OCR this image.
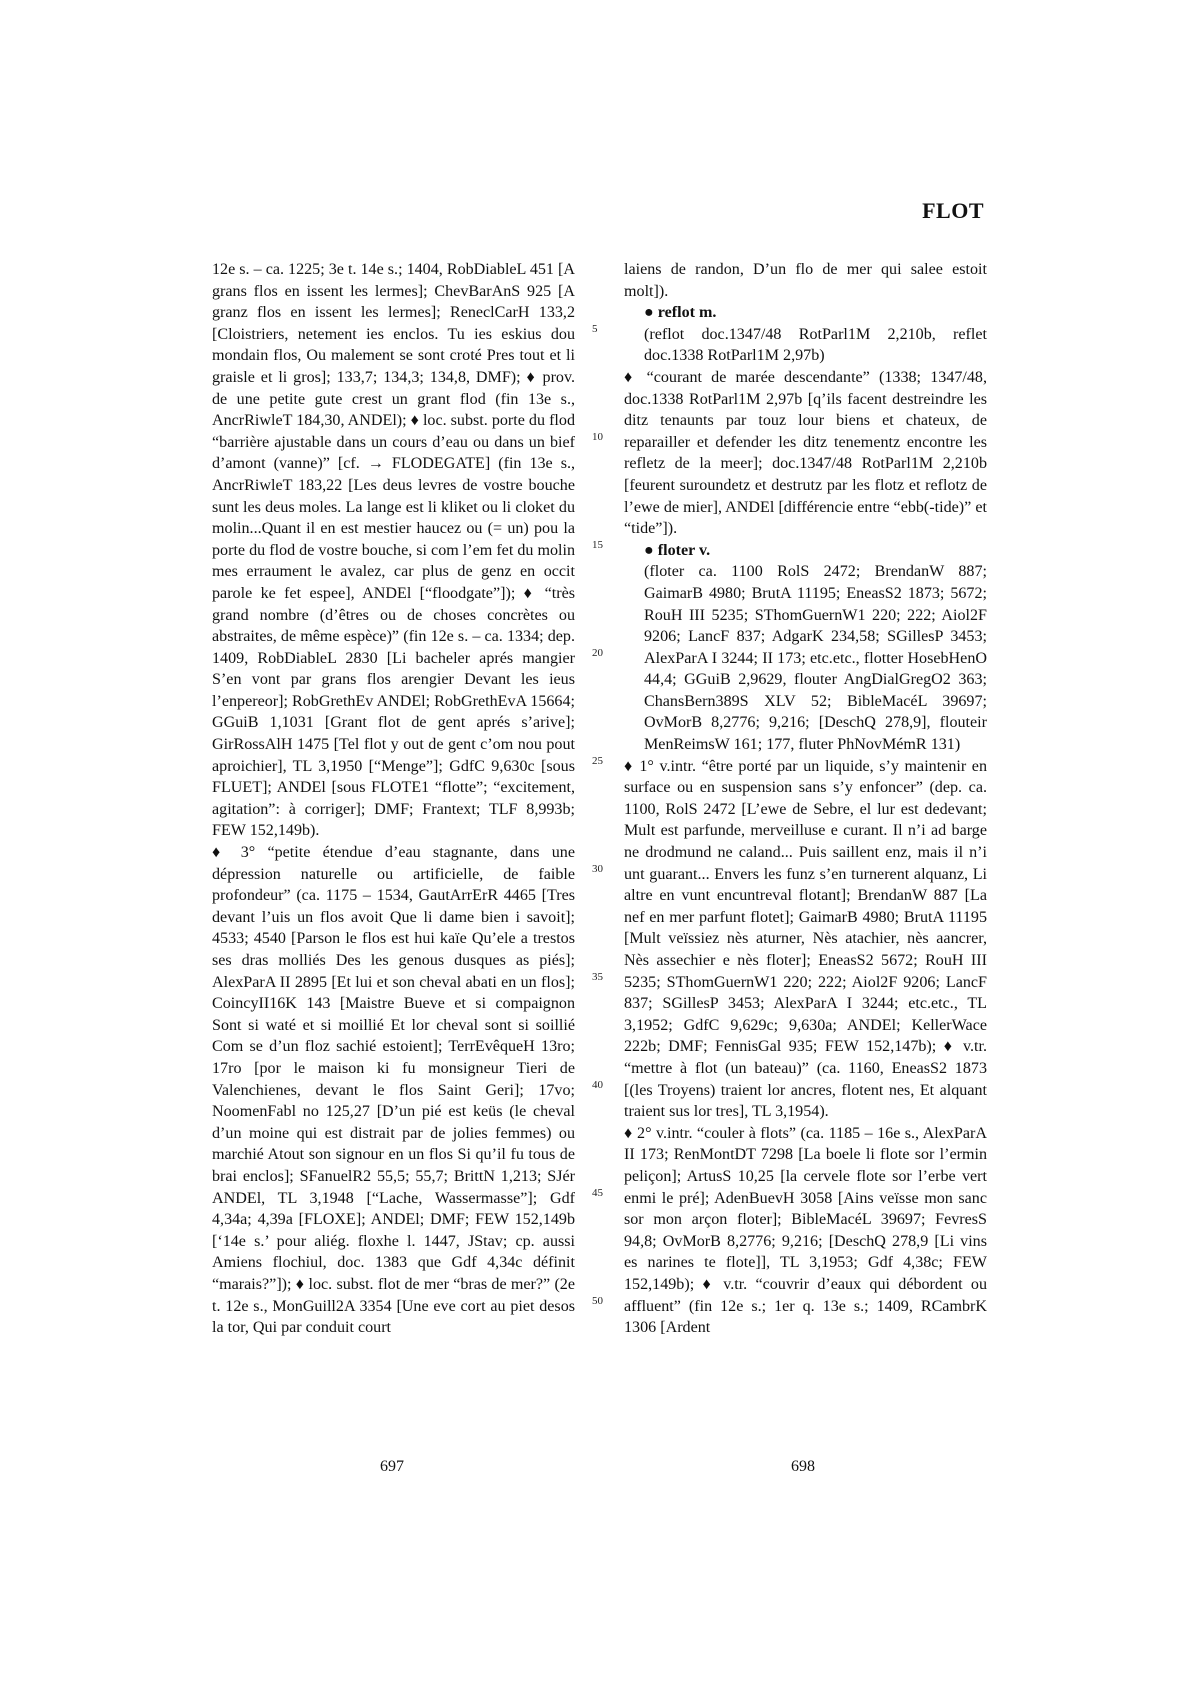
FLOT

12e s. – ca. 1225; 3e t. 14e s.; 1404, RobDiableL 451 [A grans flos en issent les lermes]; ChevBarAnS 925 [A granz flos en issent les lermes]; ReneclCarH 133,2 [Cloistriers, netement ies enclos. Tu ies eskius dou mondain flos, Ou malement se sont croté Pres tout et li graisle et li gros]; 133,7; 134,3; 134,8, DMF); ♦ prov. de une petite gute crest un grant flod (fin 13e s., AncrRiwleT 184,30, ANDEl); ♦ loc. subst. porte du flod “barrière ajustable dans un cours d’eau ou dans un bief d’amont (vanne)” [cf. → FLODEGATE] (fin 13e s., AncrRiwleT 183,22 [Les deus levres de vostre bouche sunt les deus moles. La lange est li kliket ou li cloket du molin...Quant il en est mestier haucez ou (= un) pou la porte du flod de vostre bouche, si com l’em fet du molin mes erraument le avalez, car plus de genz en occit parole ke fet espee], ANDEl [“floodgate”]); ♦ “très grand nombre (d’êtres ou de choses concrètes ou abstraites, de même espèce)” (fin 12e s. – ca. 1334; dep. 1409, RobDiableL 2830 [Li bacheler aprés mangier S’en vont par grans flos arengier Devant les ieus l’enpereor]; RobGrethEv ANDEl; RobGrethEvA 15664; GGuiB 1,1031 [Grant flot de gent aprés s’arive]; GirRossAlH 1475 [Tel flot y out de gent c’om nou pout aproichier], TL 3,1950 [“Menge”]; GdfC 9,630c [sous FLUET]; ANDEl [sous FLOTE1 “flotte”; “excitement, agitation”: à corriger]; DMF; Frantext; TLF 8,993b; FEW 152,149b).

♦ 3° “petite étendue d’eau stagnante, dans une dépression naturelle ou artificielle, de faible profondeur” (ca. 1175 – 1534, GautArrErR 4465 [Tres devant l’uis un flos avoit Que li dame bien i savoit]; 4533; 4540 [Parson le flos est hui kaïe Qu’ele a trestos ses dras molliés Des les genous dusques as piés]; AlexParA II 2895 [Et lui et son cheval abati en un flos]; CoincyII16K 143 [Maistre Bueve et si compaignon Sont si waté et si moillié Et lor cheval sont si soillié Com se d’un floz sachié estoient]; TerrEvêqueH 13ro; 17ro [por le maison ki fu monsigneur Tieri de Valenchienes, devant le flos Saint Geri]; 17vo; NoomenFabl no 125,27 [D’un pié est keüs (le cheval d’un moine qui est distrait par de jolies femmes) ou marchié Atout son signour en un flos Si qu’il fu tous de brai enclos]; SFanuelR2 55,5; 55,7; BrittN 1,213; SJér ANDEl, TL 3,1948 [“Lache, Wassermasse”]; Gdf 4,34a; 4,39a [FLOXE]; ANDEl; DMF; FEW 152,149b [‘14e s.’ pour aliég. floxhe l. 1447, JStav; cp. aussi Amiens flochiul, doc. 1383 que Gdf 4,34c définit “marais?”]); ♦ loc. subst. flot de mer “bras de mer?” (2e t. 12e s., MonGuill2A 3354 [Une eve cort au piet desos la tor, Qui par conduit court

5
10
15
20
25
30
35
40
45
50

laiens de randon, D’un flo de mer qui salee estoit molt]).

● reflot m.

(reflot doc.1347/48 RotParl1M 2,210b, reflet doc.1338 RotParl1M 2,97b)

♦ “courant de marée descendante” (1338; 1347/48, doc.1338 RotParl1M 2,97b [q’ils facent destreindre les ditz tenaunts par touz lour biens et chateux, de reparailler et defender les ditz tenementz encontre les refletz de la meer]; doc.1347/48 RotParl1M 2,210b [feurent suroundetz et destrutz par les flotz et reflotz de l’ewe de mier], ANDEl [différencie entre “ebb(-tide)” et “tide”]).

● floter v.

(floter ca. 1100 RolS 2472; BrendanW 887; GaimarB 4980; BrutA 11195; EneasS2 1873; 5672; RouH III 5235; SThomGuernW1 220; 222; Aiol2F 9206; LancF 837; AdgarK 234,58; SGillesP 3453; AlexParA I 3244; II 173; etc.etc., flotter HosebHenO 44,4; GGuiB 2,9629, flouter AngDialGregO2 363; ChansBern389S XLV 52; BibleMacéL 39697; OvMorB 8,2776; 9,216; [DeschQ 278,9], flouteir MenReimsW 161; 177, fluter PhNovMémR 131)

♦ 1° v.intr. “être porté par un liquide, s’y maintenir en surface ou en suspension sans s’y enfoncer” (dep. ca. 1100, RolS 2472 [L’ewe de Sebre, el lur est dedevant; Mult est parfunde, merveilluse e curant. Il n’i ad barge ne drodmund ne caland... Puis saillent enz, mais il n’i unt guarant... Envers les funz s’en turnerent alquanz, Li altre en vunt encuntreval flotant]; BrendanW 887 [La nef en mer parfunt flotet]; GaimarB 4980; BrutA 11195 [Mult veïssiez nès aturner, Nès atachier, nès aancrer, Nès assechier e nès floter]; EneasS2 5672; RouH III 5235; SThomGuernW1 220; 222; Aiol2F 9206; LancF 837; SGillesP 3453; AlexParA I 3244; etc.etc., TL 3,1952; GdfC 9,629c; 9,630a; ANDEl; KellerWace 222b; DMF; FennisGal 935; FEW 152,147b); ♦ v.tr. “mettre à flot (un bateau)” (ca. 1160, EneasS2 1873 [(les Troyens) traient lor ancres, flotent nes, Et alquant traient sus lor tres], TL 3,1954).

♦ 2° v.intr. “couler à flots” (ca. 1185 – 16e s., AlexParA II 173; RenMontDT 7298 [La boele li flote sor l’ermin peliçon]; ArtusS 10,25 [la cervele flote sor l’erbe vert enmi le pré]; AdenBuevH 3058 [Ains veïsse mon sanc sor mon arçon floter]; BibleMacéL 39697; FevresS 94,8; OvMorB 8,2776; 9,216; [DeschQ 278,9 [Li vins es narines te flote]], TL 3,1953; Gdf 4,38c; FEW 152,149b); ♦ v.tr. “couvrir d’eaux qui débordent ou affluent” (fin 12e s.; 1er q. 13e s.; 1409, RCambrK 1306 [Ardent

697	698
